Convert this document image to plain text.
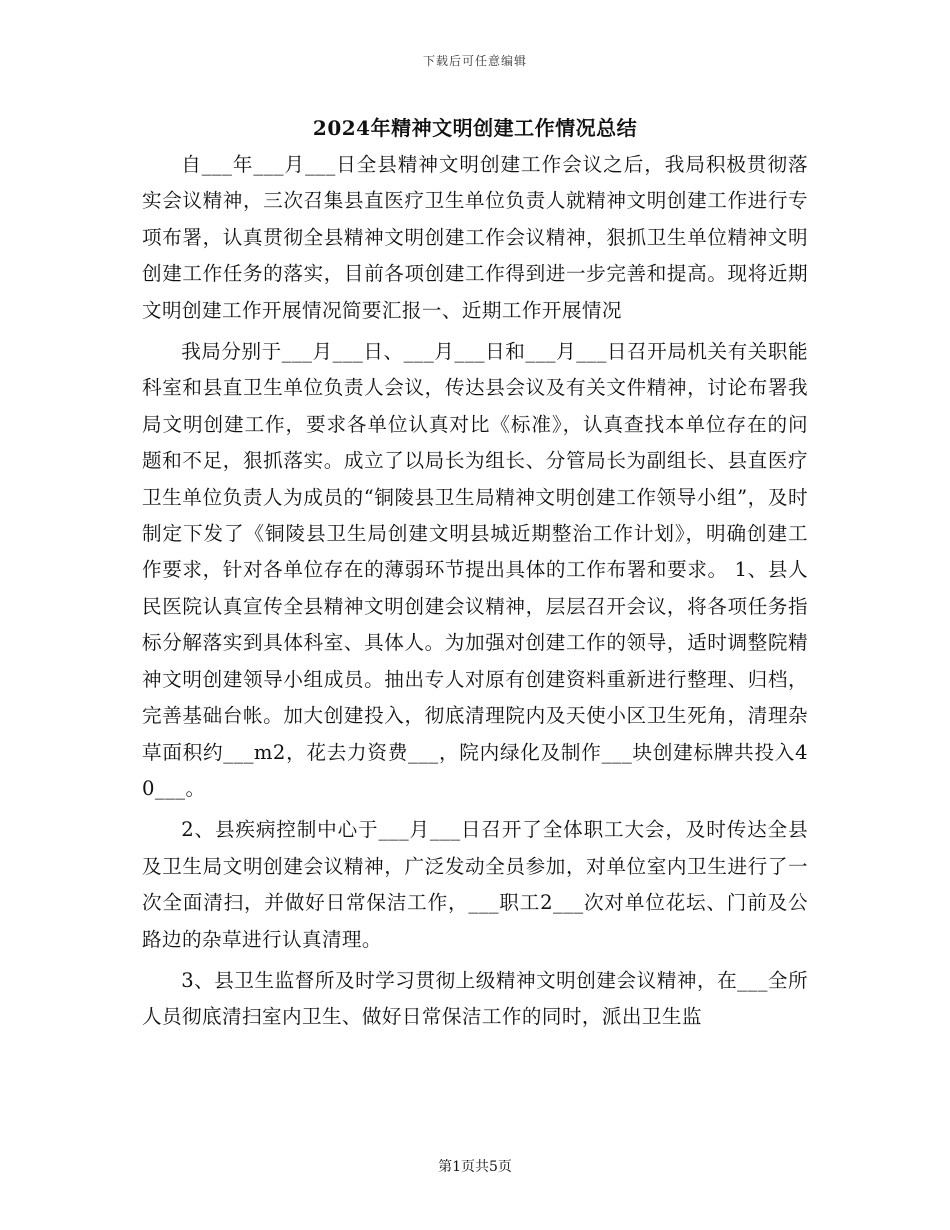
下载后可任意编辑
2024年精神文明创建工作情况总结

自___年___月___日全县精神文明创建工作会议之后，我局积极贯彻落实会议精神，三次召集县直医疗卫生单位负责人就精神文明创建工作进行专项布署，认真贯彻全县精神文明创建工作会议精神，狠抓卫生单位精神文明创建工作任务的落实，目前各项创建工作得到进一步完善和提高。现将近期文明创建工作开展情况简要汇报一、近期工作开展情况

我局分别于___月___日、___月___日和___月___日召开局机关有关职能科室和县直卫生单位负责人会议，传达县会议及有关文件精神，讨论布署我局文明创建工作，要求各单位认真对比《标准》，认真查找本单位存在的问题和不足，狠抓落实。成立了以局长为组长、分管局长为副组长、县直医疗卫生单位负责人为成员的“铜陵县卫生局精神文明创建工作领导小组”，及时制定下发了《铜陵县卫生局创建文明县城近期整治工作计划》，明确创建工作要求，针对各单位存在的薄弱环节提出具体的工作布署和要求。 1、县人民医院认真宣传全县精神文明创建会议精神，层层召开会议，将各项任务指标分解落实到具体科室、具体人。为加强对创建工作的领导，适时调整院精神文明创建领导小组成员。抽出专人对原有创建资料重新进行整理、归档，完善基础台帐。加大创建投入，彻底清理院内及天使小区卫生死角，清理杂草面积约___m2，花去力资费___，院内绿化及制作___块创建标牌共投入40___。

2、县疾病控制中心于___月___日召开了全体职工大会，及时传达全县及卫生局文明创建会议精神，广泛发动全员参加，对单位室内卫生进行了一次全面清扫，并做好日常保洁工作，___职工2___次对单位花坛、门前及公路边的杂草进行认真清理。

3、县卫生监督所及时学习贯彻上级精神文明创建会议精神，在___全所人员彻底清扫室内卫生、做好日常保洁工作的同时，派出卫生监

第1页共5页
